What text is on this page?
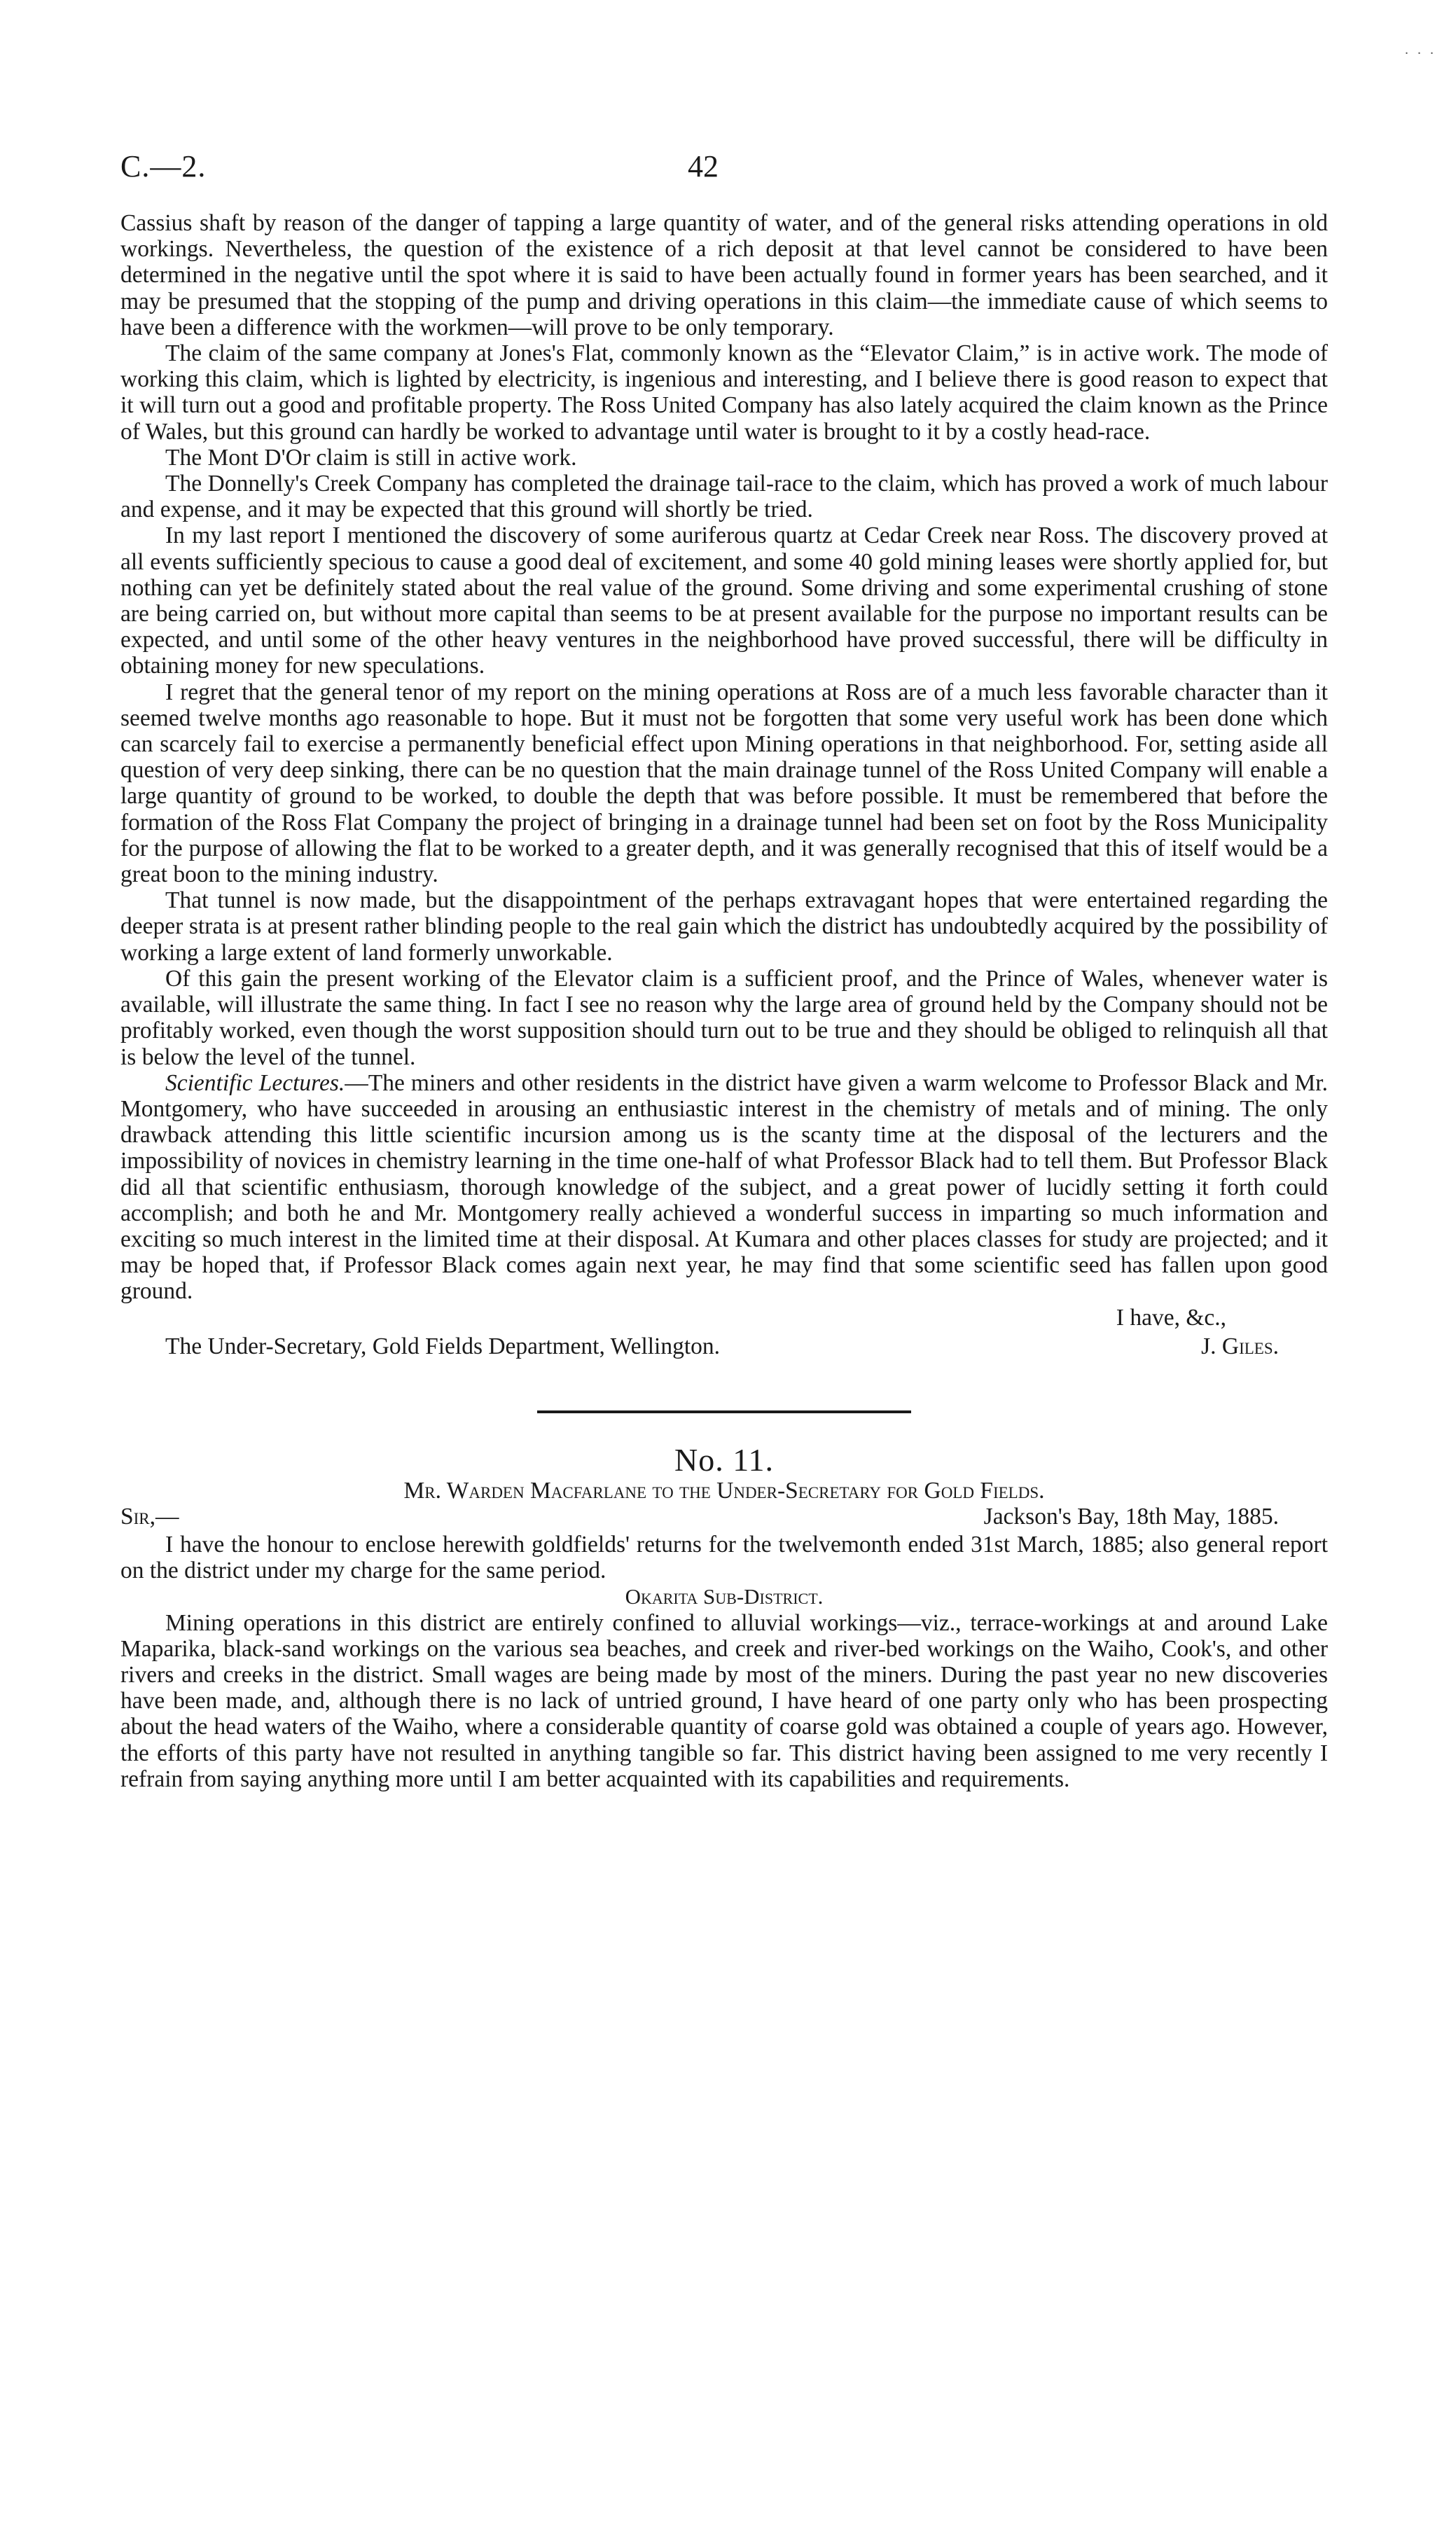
. . .
C.—2.	42

Cassius shaft by reason of the danger of tapping a large quantity of water, and of the general risks attending operations in old workings. Nevertheless, the question of the existence of a rich deposit at that level cannot be considered to have been determined in the negative until the spot where it is said to have been actually found in former years has been searched, and it may be presumed that the stopping of the pump and driving operations in this claim—the immediate cause of which seems to have been a difference with the workmen—will prove to be only temporary.

The claim of the same company at Jones's Flat, commonly known as the “Elevator Claim,” is in active work. The mode of working this claim, which is lighted by electricity, is ingenious and interesting, and I believe there is good reason to expect that it will turn out a good and profitable property. The Ross United Company has also lately acquired the claim known as the Prince of Wales, but this ground can hardly be worked to advantage until water is brought to it by a costly head-race.

The Mont D'Or claim is still in active work.

The Donnelly's Creek Company has completed the drainage tail-race to the claim, which has proved a work of much labour and expense, and it may be expected that this ground will shortly be tried.

In my last report I mentioned the discovery of some auriferous quartz at Cedar Creek near Ross. The discovery proved at all events sufficiently specious to cause a good deal of excitement, and some 40 gold mining leases were shortly applied for, but nothing can yet be definitely stated about the real value of the ground. Some driving and some experimental crushing of stone are being carried on, but without more capital than seems to be at present available for the purpose no important results can be expected, and until some of the other heavy ventures in the neighborhood have proved successful, there will be difficulty in obtaining money for new speculations.

I regret that the general tenor of my report on the mining operations at Ross are of a much less favorable character than it seemed twelve months ago reasonable to hope. But it must not be forgotten that some very useful work has been done which can scarcely fail to exercise a permanently beneficial effect upon Mining operations in that neighborhood. For, setting aside all question of very deep sinking, there can be no question that the main drainage tunnel of the Ross United Company will enable a large quantity of ground to be worked, to double the depth that was before possible. It must be remembered that before the formation of the Ross Flat Company the project of bringing in a drainage tunnel had been set on foot by the Ross Municipality for the purpose of allowing the flat to be worked to a greater depth, and it was generally recognised that this of itself would be a great boon to the mining industry.

That tunnel is now made, but the disappointment of the perhaps extravagant hopes that were entertained regarding the deeper strata is at present rather blinding people to the real gain which the district has undoubtedly acquired by the possibility of working a large extent of land formerly unworkable.

Of this gain the present working of the Elevator claim is a sufficient proof, and the Prince of Wales, whenever water is available, will illustrate the same thing. In fact I see no reason why the large area of ground held by the Company should not be profitably worked, even though the worst supposition should turn out to be true and they should be obliged to relinquish all that is below the level of the tunnel.

Scientific Lectures.—The miners and other residents in the district have given a warm welcome to Professor Black and Mr. Montgomery, who have succeeded in arousing an enthusiastic interest in the chemistry of metals and of mining. The only drawback attending this little scientific incursion among us is the scanty time at the disposal of the lecturers and the impossibility of novices in chemistry learning in the time one-half of what Professor Black had to tell them. But Professor Black did all that scientific enthusiasm, thorough knowledge of the subject, and a great power of lucidly setting it forth could accomplish; and both he and Mr. Montgomery really achieved a wonderful success in imparting so much information and exciting so much interest in the limited time at their disposal. At Kumara and other places classes for study are projected; and it may be hoped that, if Professor Black comes again next year, he may find that some scientific seed has fallen upon good ground.

I have, &c.,

The Under-Secretary, Gold Fields Department, Wellington.	J. Giles.

No. 11.

Mr. Warden Macfarlane to the Under-Secretary for Gold Fields.

Sir,—	Jackson's Bay, 18th May, 1885.

I have the honour to enclose herewith goldfields' returns for the twelvemonth ended 31st March, 1885; also general report on the district under my charge for the same period.

Okarita Sub-District.

Mining operations in this district are entirely confined to alluvial workings—viz., terrace-workings at and around Lake Maparika, black-sand workings on the various sea beaches, and creek and river-bed workings on the Waiho, Cook's, and other rivers and creeks in the district. Small wages are being made by most of the miners. During the past year no new discoveries have been made, and, although there is no lack of untried ground, I have heard of one party only who has been prospecting about the head waters of the Waiho, where a considerable quantity of coarse gold was obtained a couple of years ago. However, the efforts of this party have not resulted in anything tangible so far. This district having been assigned to me very recently I refrain from saying anything more until I am better acquainted with its capabilities and requirements.
